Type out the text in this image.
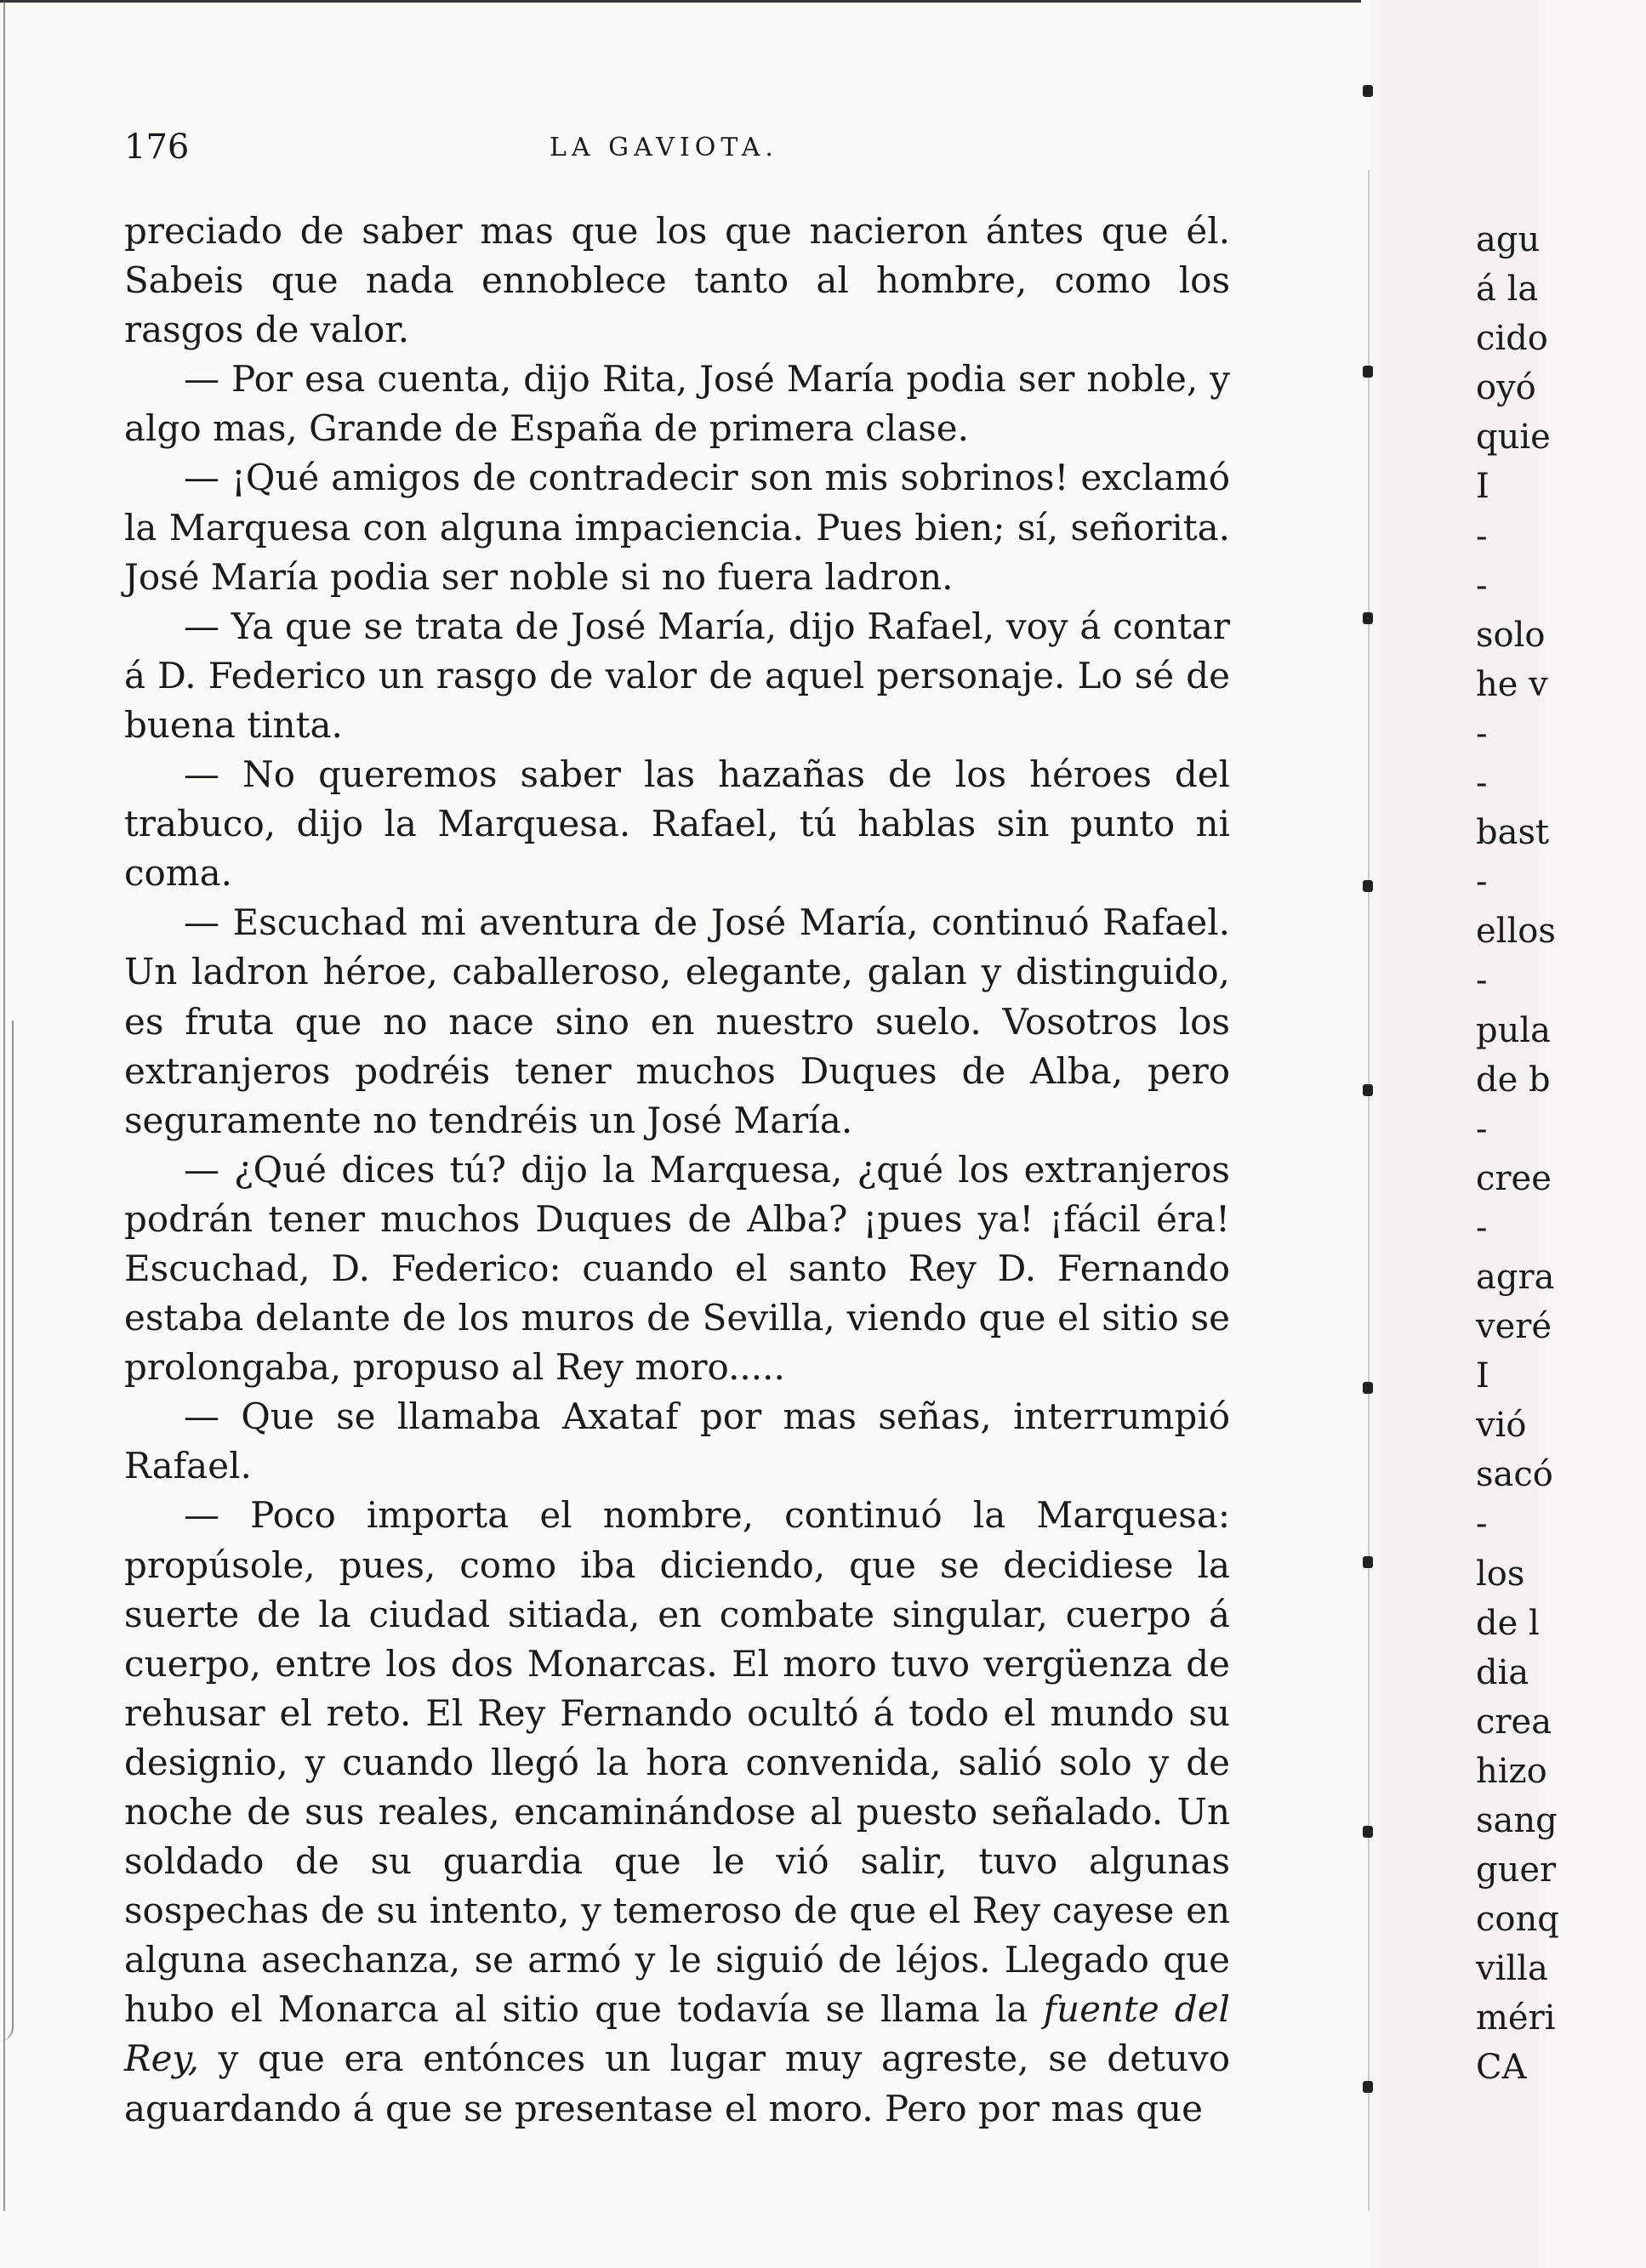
176	LA GAVIOTA.

preciado de saber mas que los que nacieron ántes que él. Sabeis que nada ennoblece tanto al hombre, como los rasgos de valor.

— Por esa cuenta, dijo Rita, José María podia ser noble, y algo mas, Grande de España de primera clase.

— ¡Qué amigos de contradecir son mis sobrinos! exclamó la Marquesa con alguna impaciencia. Pues bien; sí, señorita. José María podia ser noble si no fuera ladron.

— Ya que se trata de José María, dijo Rafael, voy á contar á D. Federico un rasgo de valor de aquel personaje. Lo sé de buena tinta.

— No queremos saber las hazañas de los héroes del trabuco, dijo la Marquesa. Rafael, tú hablas sin punto ni coma.

— Escuchad mi aventura de José María, continuó Rafael. Un ladron héroe, caballeroso, elegante, galan y distinguido, es fruta que no nace sino en nuestro suelo. Vosotros los extranjeros podréis tener muchos Duques de Alba, pero seguramente no tendréis un José María.

— ¿Qué dices tú? dijo la Marquesa, ¿qué los extranjeros podrán tener muchos Duques de Alba? ¡pues ya! ¡fácil éra! Escuchad, D. Federico: cuando el santo Rey D. Fernando estaba delante de los muros de Sevilla, viendo que el sitio se prolongaba, propuso al Rey moro.....

— Que se llamaba Axataf por mas señas, interrumpió Rafael.

— Poco importa el nombre, continuó la Marquesa: propúsole, pues, como iba diciendo, que se decidiese la suerte de la ciudad sitiada, en combate singular, cuerpo á cuerpo, entre los dos Monarcas. El moro tuvo vergüenza de rehusar el reto. El Rey Fernando ocultó á todo el mundo su designio, y cuando llegó la hora convenida, salió solo y de noche de sus reales, encaminándose al puesto señalado. Un soldado de su guardia que le vió salir, tuvo algunas sospechas de su intento, y temeroso de que el Rey cayese en alguna asechanza, se armó y le siguió de léjos. Llegado que hubo el Monarca al sitio que todavía se llama la fuente del Rey, y que era entónces un lugar muy agreste, se detuvo aguardando á que se presentase el moro. Pero por mas que

agu
á la
cido
oyó
quie
I
-
-
solo
he v
-
-
bast
-
ellos
-
pula
de b
-
cree
-
agra
veré
I
vió
sacó
-
los
de l
dia
crea
hizo
sang
guer
conq
villa
méri
CA
